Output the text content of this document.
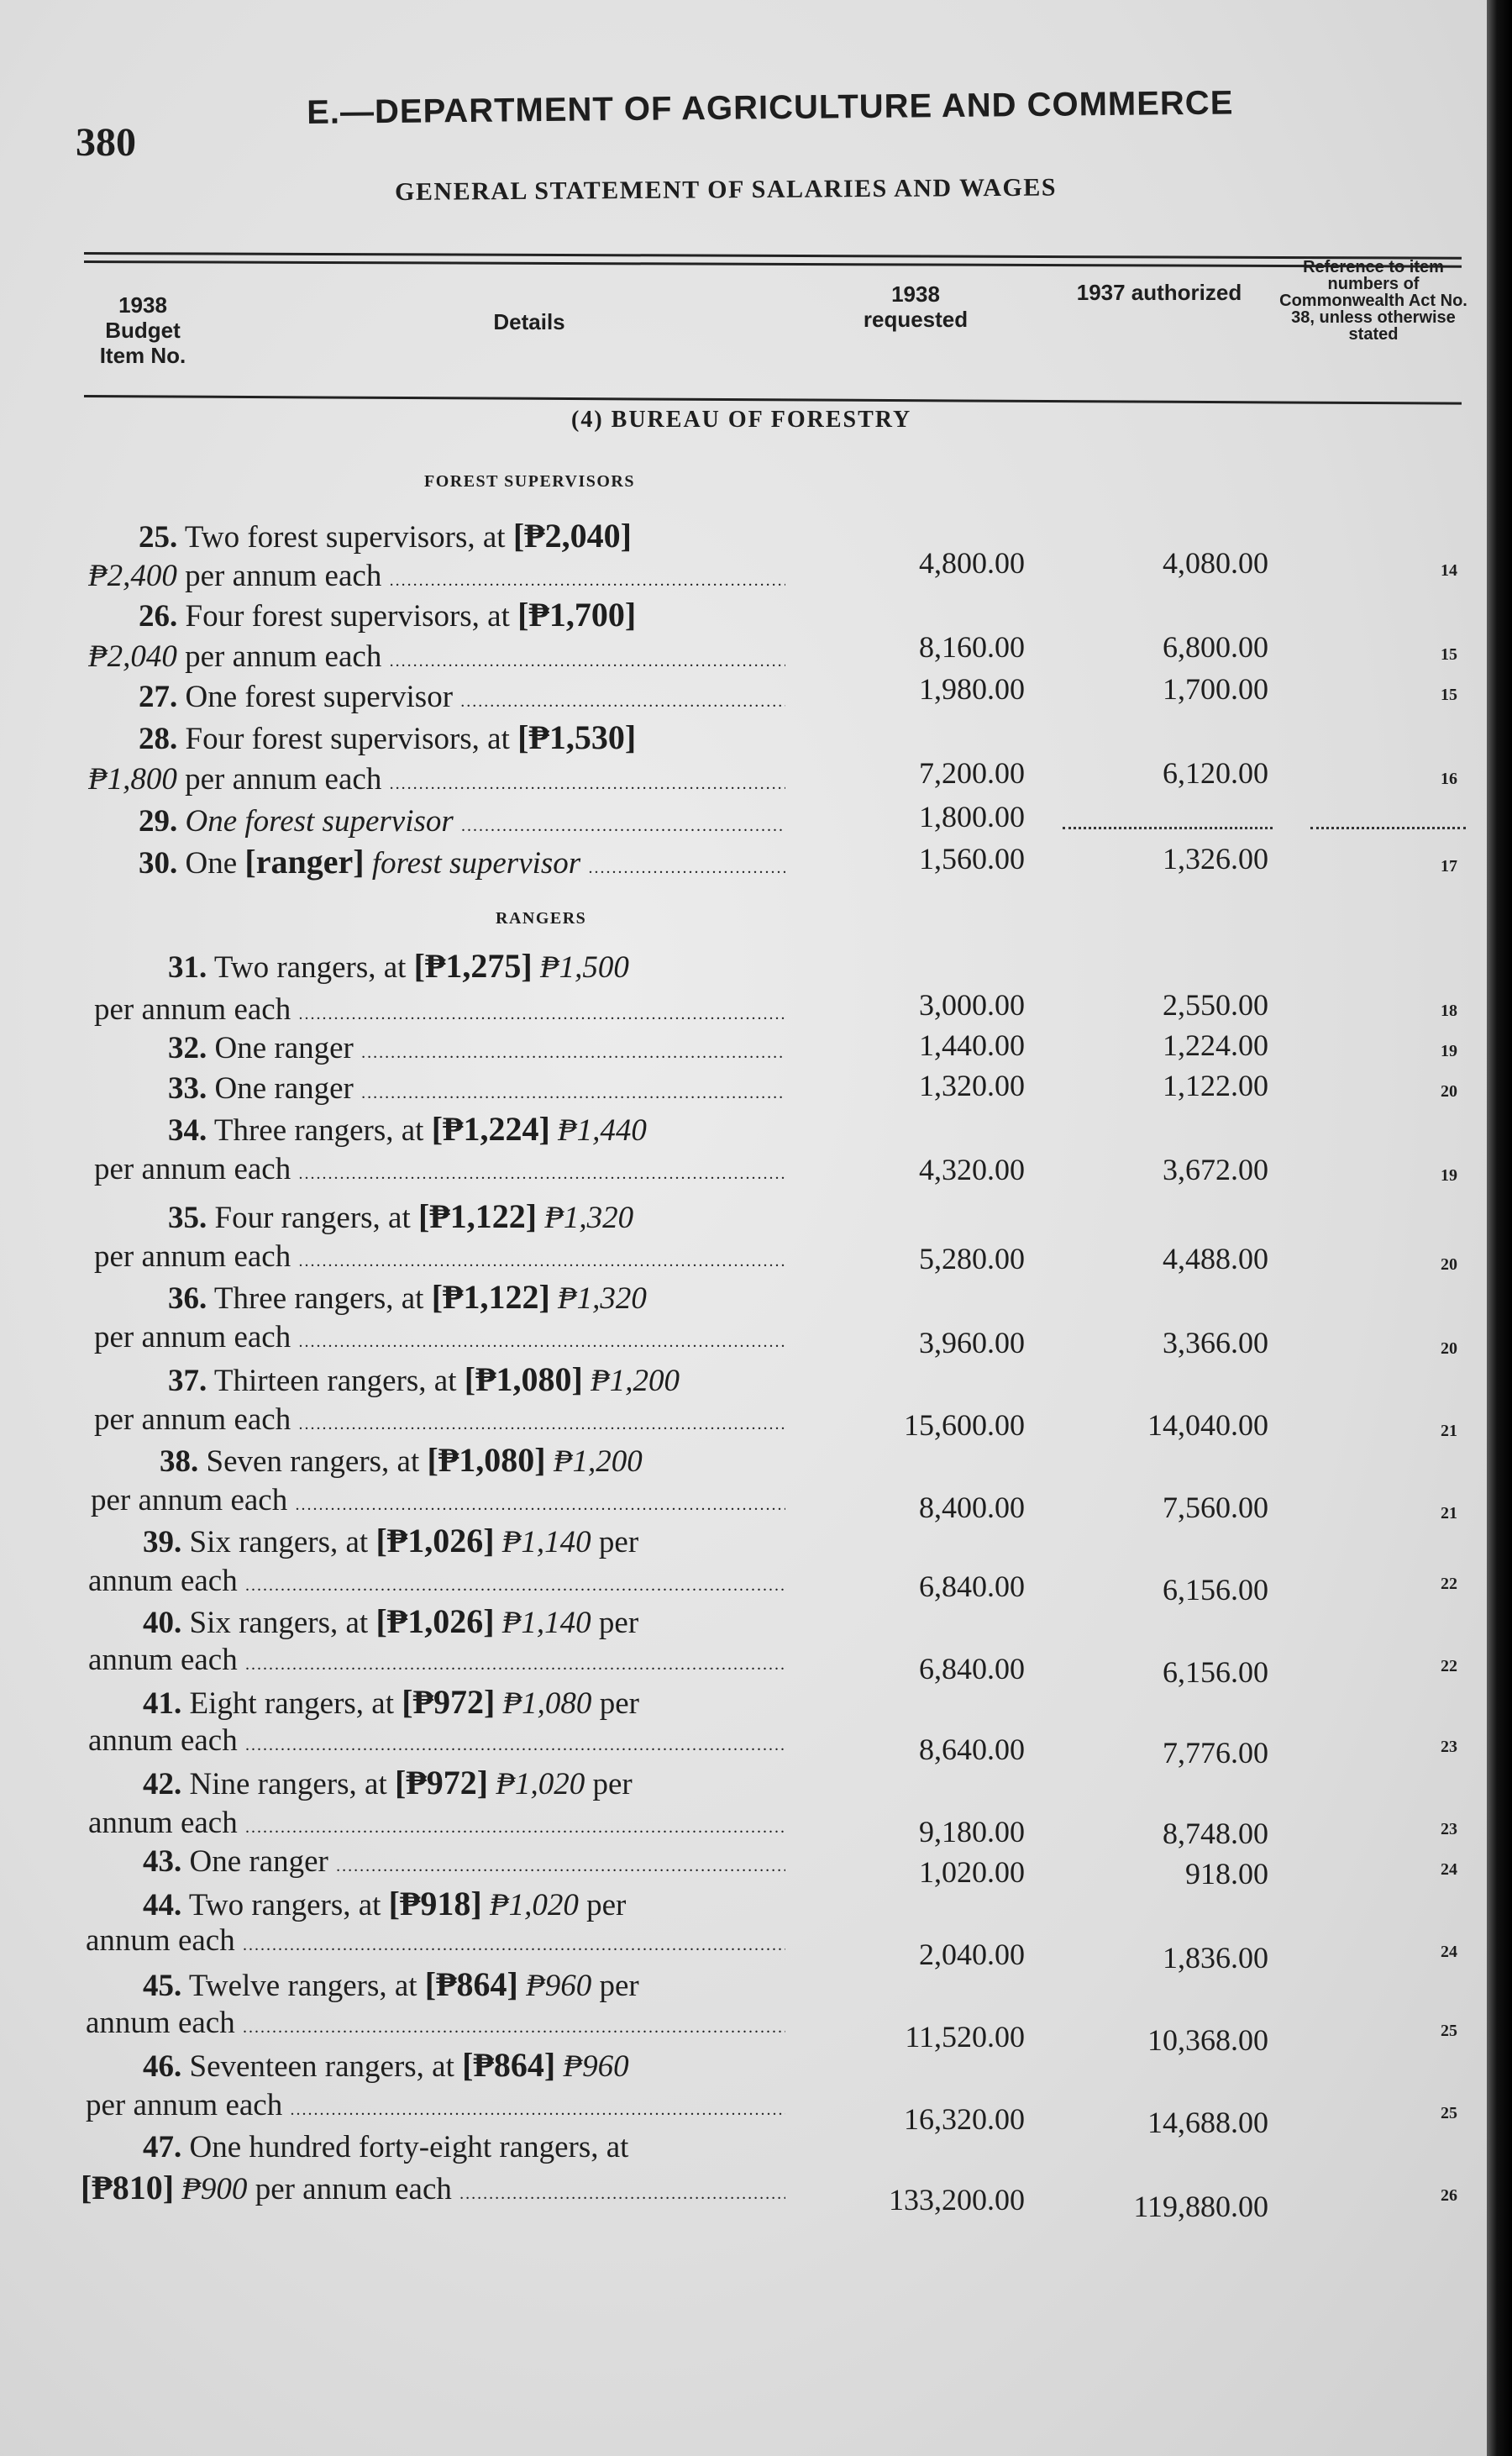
380
E.—DEPARTMENT OF AGRICULTURE AND COMMERCE
GENERAL STATEMENT OF SALARIES AND WAGES
1938 Budget Item No.
Details
1938 requested
1937 authorized
Reference to item numbers of Commonwealth Act No. 38, unless otherwise stated
(4) BUREAU OF FORESTRY
FOREST SUPERVISORS
25. Two forest supervisors, at [₱2,040]
₱2,400 per annum each .....	4,800.00	4,080.00	14
26. Four forest supervisors, at [₱1,700]
₱2,040 per annum each .....	8,160.00	6,800.00	15
27. One forest supervisor .....	1,980.00	1,700.00	15
28. Four forest supervisors, at [₱1,530]
₱1,800 per annum each .....	7,200.00	6,120.00	16
29. One forest supervisor .....	1,800.00
30. One [ranger] forest supervisor .....	1,560.00	1,326.00	17
RANGERS
31. Two rangers, at [₱1,275] ₱1,500
per annum each .....	3,000.00	2,550.00	18
32. One ranger .....	1,440.00	1,224.00	19
33. One ranger .....	1,320.00	1,122.00	20
34. Three rangers, at [₱1,224] ₱1,440
per annum each .....	4,320.00	3,672.00	19
35. Four rangers, at [₱1,122] ₱1,320
per annum each .....	5,280.00	4,488.00	20
36. Three rangers, at [₱1,122] ₱1,320
per annum each .....	3,960.00	3,366.00	20
37. Thirteen rangers, at [₱1,080] ₱1,200
per annum each .....	15,600.00	14,040.00	21
38. Seven rangers, at [₱1,080] ₱1,200
per annum each .....	8,400.00	7,560.00	21
39. Six rangers, at [₱1,026] ₱1,140 per
annum each .....	6,840.00	6,156.00	22
40. Six rangers, at [₱1,026] ₱1,140 per
annum each .....	6,840.00	6,156.00	22
41. Eight rangers, at [₱972] ₱1,080 per
annum each .....	8,640.00	7,776.00	23
42. Nine rangers, at [₱972] ₱1,020 per
annum each .....	9,180.00	8,748.00	23
43. One ranger .....	1,020.00	918.00	24
44. Two rangers, at [₱918] ₱1,020 per
annum each .....	2,040.00	1,836.00	24
45. Twelve rangers, at [₱864] ₱960 per
annum each .....	11,520.00	10,368.00	25
46. Seventeen rangers, at [₱864] ₱960
per annum each .....	16,320.00	14,688.00	25
47. One hundred forty-eight rangers, at
[₱810] ₱900 per annum each .....	133,200.00	119,880.00	26
